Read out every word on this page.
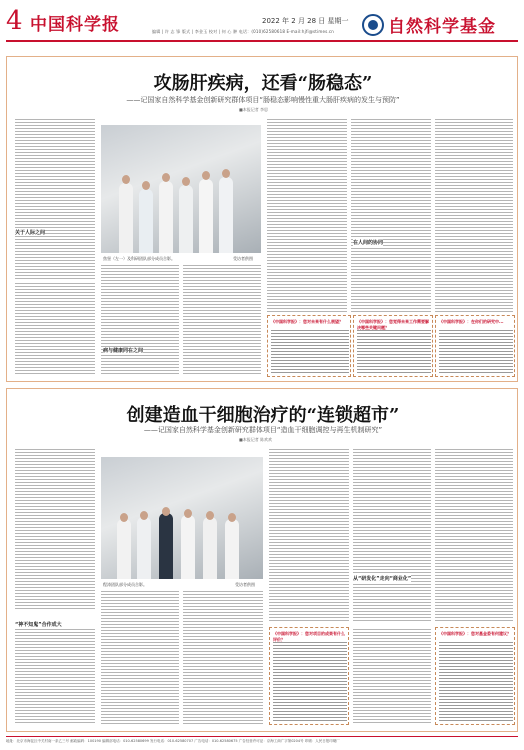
4 中国科学报	2022 年 2 月 28 日 星期一
编辑 | 许 志 锋 版式 | 李金玉 校对 | 何 心 翀 电话：(010)62580618 E-mail:hjfi@stimes.cn	自然科学基金
攻肠肝疾病，还看“肠稳态”
——记国家自然科学基金创新研究群体项目“肠稳态影响慢性重大肠肝疾病的发生与预防”
■本报记者 李思
关于人际之间
焦坚（左一）及科研团队部分成员合影。	受访者供图
病与健康同在之间
在人间的协同
《中国科学报》：您对未来有什么展望？	《中国科学报》：您觉得未来工作需要解决哪些关键问题？
《中国科学报》：在你们的研究中...
创建造血干细胞治疗的“连锁超市”
——记国家自然科学基金创新研究群体项目“造血干细胞调控与再生机制研究”
■本报记者 陈欢欢
“神不知鬼”合作成大
程涛团队部分成员合影。	受访者供图
从“研发化”走向“商业化”
《中国科学报》：您对项目的成果有什么评价？
《中国科学报》：您对基金委有何建议？
地址：北京市海淀区中关村南一条乙三号 邮政编码：100190 编辑部电话：010-62580699 发行电话：010-62580707 广告电话：010-62580675 广告经营许可证：京海工商广字第0204号 印刷：人民日报印刷厂
